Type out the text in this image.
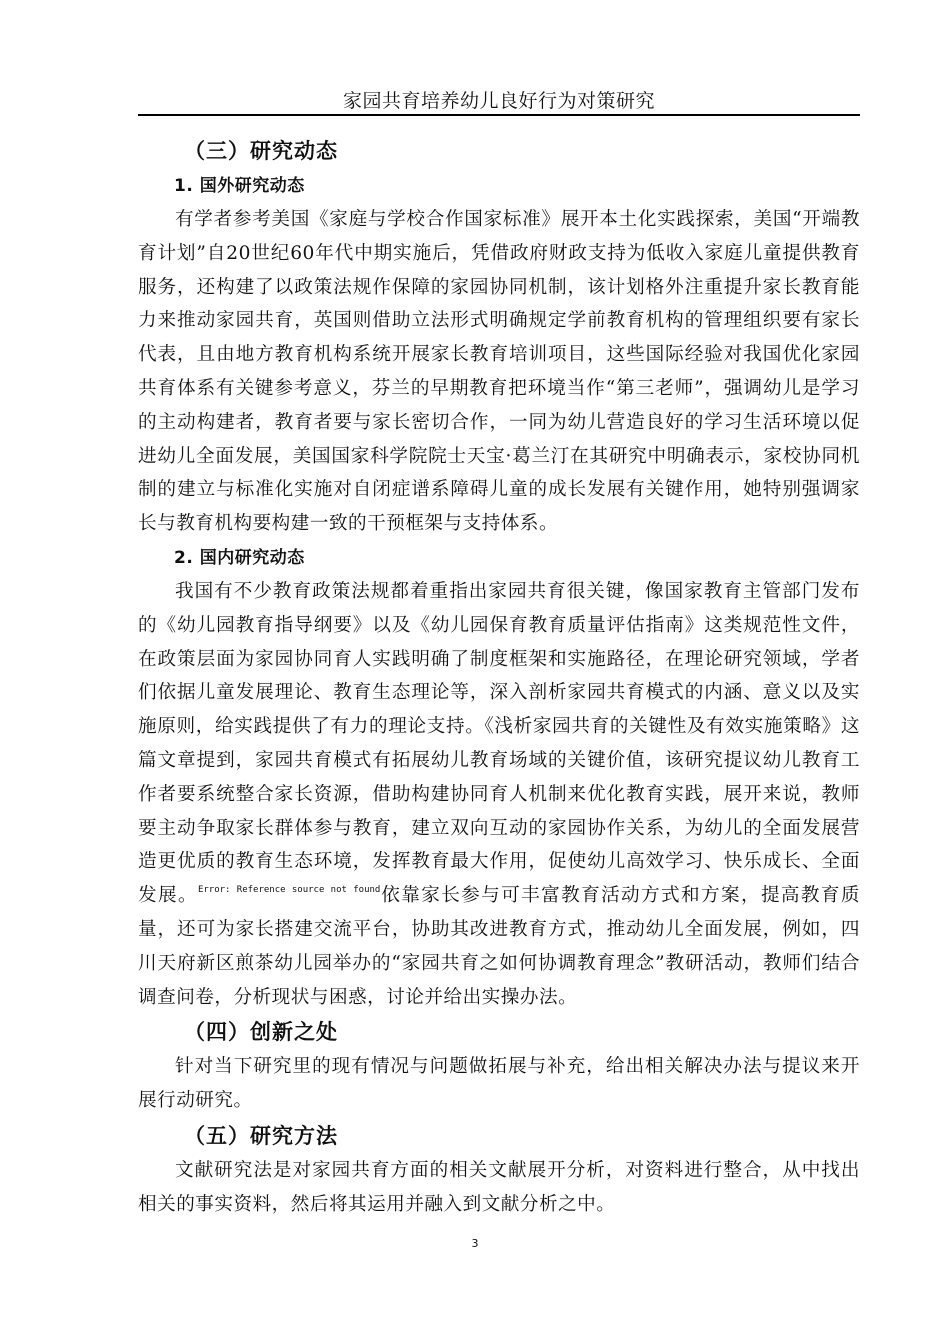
家园共育培养幼儿良好行为对策研究
（三）研究动态
1. 国外研究动态

有学者参考美国《家庭与学校合作国家标准》展开本土化实践探索，美国“开端教育计划”自20世纪60年代中期实施后，凭借政府财政支持为低收入家庭儿童提供教育服务，还构建了以政策法规作保障的家园协同机制，该计划格外注重提升家长教育能力来推动家园共育，英国则借助立法形式明确规定学前教育机构的管理组织要有家长代表，且由地方教育机构系统开展家长教育培训项目，这些国际经验对我国优化家园共育体系有关键参考意义，芬兰的早期教育把环境当作“第三老师”，强调幼儿是学习的主动构建者，教育者要与家长密切合作，一同为幼儿营造良好的学习生活环境以促进幼儿全面发展，美国国家科学院院士天宝·葛兰汀在其研究中明确表示，家校协同机制的建立与标准化实施对自闭症谱系障碍儿童的成长发展有关键作用，她特别强调家长与教育机构要构建一致的干预框架与支持体系。

2. 国内研究动态

我国有不少教育政策法规都着重指出家园共育很关键，像国家教育主管部门发布的《幼儿园教育指导纲要》以及《幼儿园保育教育质量评估指南》这类规范性文件，在政策层面为家园协同育人实践明确了制度框架和实施路径，在理论研究领域，学者们依据儿童发展理论、教育生态理论等，深入剖析家园共育模式的内涵、意义以及实施原则，给实践提供了有力的理论支持。《浅析家园共育的关键性及有效实施策略》这篇文章提到，家园共育模式有拓展幼儿教育场域的关键价值，该研究提议幼儿教育工作者要系统整合家长资源，借助构建协同育人机制来优化教育实践，展开来说，教师要主动争取家长群体参与教育，建立双向互动的家园协作关系，为幼儿的全面发展营造更优质的教育生态环境，发挥教育最大作用，促使幼儿高效学习、快乐成长、全面发展。$^{Error: Reference source not found}$依靠家长参与可丰富教育活动方式和方案，提高教育质量，还可为家长搭建交流平台，协助其改进教育方式，推动幼儿全面发展，例如，四川天府新区煎茶幼儿园举办的“家园共育之如何协调教育理念”教研活动，教师们结合调查问卷，分析现状与困惑，讨论并给出实操办法。

（四）创新之处

针对当下研究里的现有情况与问题做拓展与补充，给出相关解决办法与提议来开展行动研究。

（五）研究方法

文献研究法是对家园共育方面的相关文献展开分析，对资料进行整合，从中找出相关的事实资料，然后将其运用并融入到文献分析之中。

3
